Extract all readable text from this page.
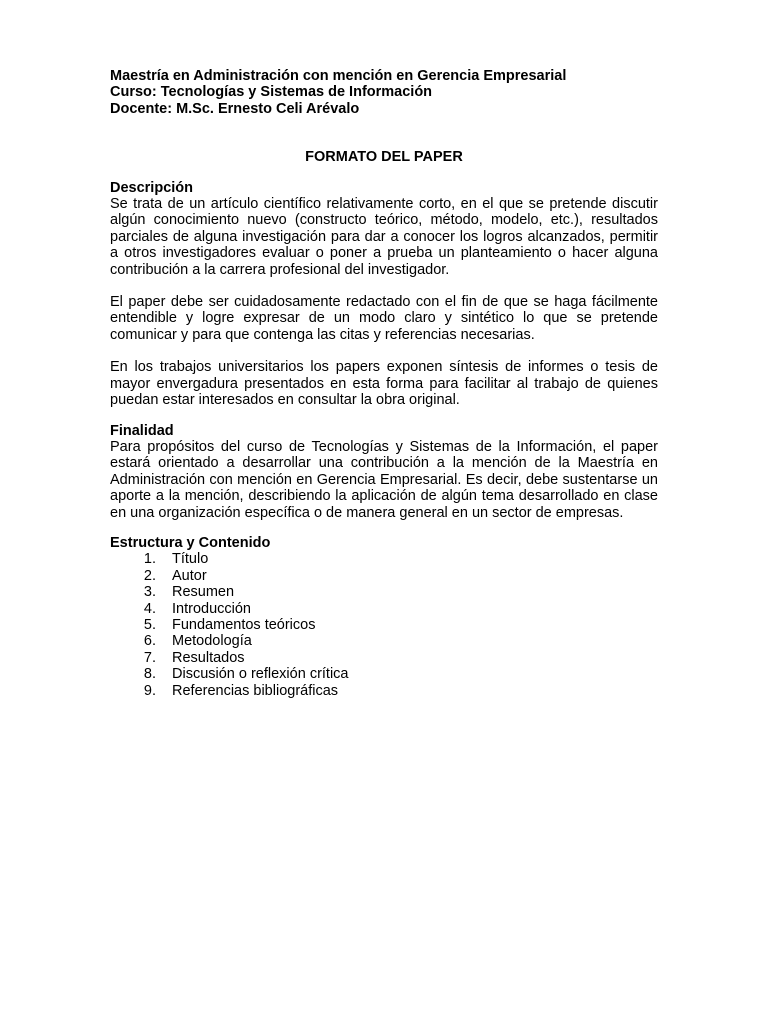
Maestría en Administración con mención en Gerencia Empresarial

Curso: Tecnologías y Sistemas de Información

Docente: M.Sc. Ernesto Celi Arévalo

FORMATO DEL PAPER

Descripción

Se trata de un artículo científico relativamente corto, en el que se pretende discutir algún conocimiento nuevo (constructo teórico, método, modelo, etc.), resultados parciales de alguna investigación para dar a conocer los logros alcanzados, permitir a otros investigadores evaluar o poner a prueba un planteamiento o hacer alguna contribución a la carrera profesional del investigador.

El paper debe ser cuidadosamente redactado con el fin de que se haga fácilmente entendible y logre expresar de un modo claro y sintético lo que se pretende comunicar y para que contenga las citas y referencias necesarias.

En los trabajos universitarios los papers exponen síntesis de informes o tesis de mayor envergadura presentados en esta forma para facilitar al trabajo de quienes puedan estar interesados en consultar la obra original.

Finalidad

Para propósitos del curso de Tecnologías y Sistemas de la Información, el paper estará orientado a desarrollar una contribución a la mención de la Maestría en Administración con mención en Gerencia Empresarial. Es decir, debe sustentarse un aporte a la mención, describiendo la aplicación de algún tema desarrollado en clase en una organización específica o de manera general en un sector de empresas.

Estructura y Contenido

1. Título
2. Autor
3. Resumen
4. Introducción
5. Fundamentos teóricos
6. Metodología
7. Resultados
8. Discusión o reflexión crítica
9. Referencias bibliográficas
